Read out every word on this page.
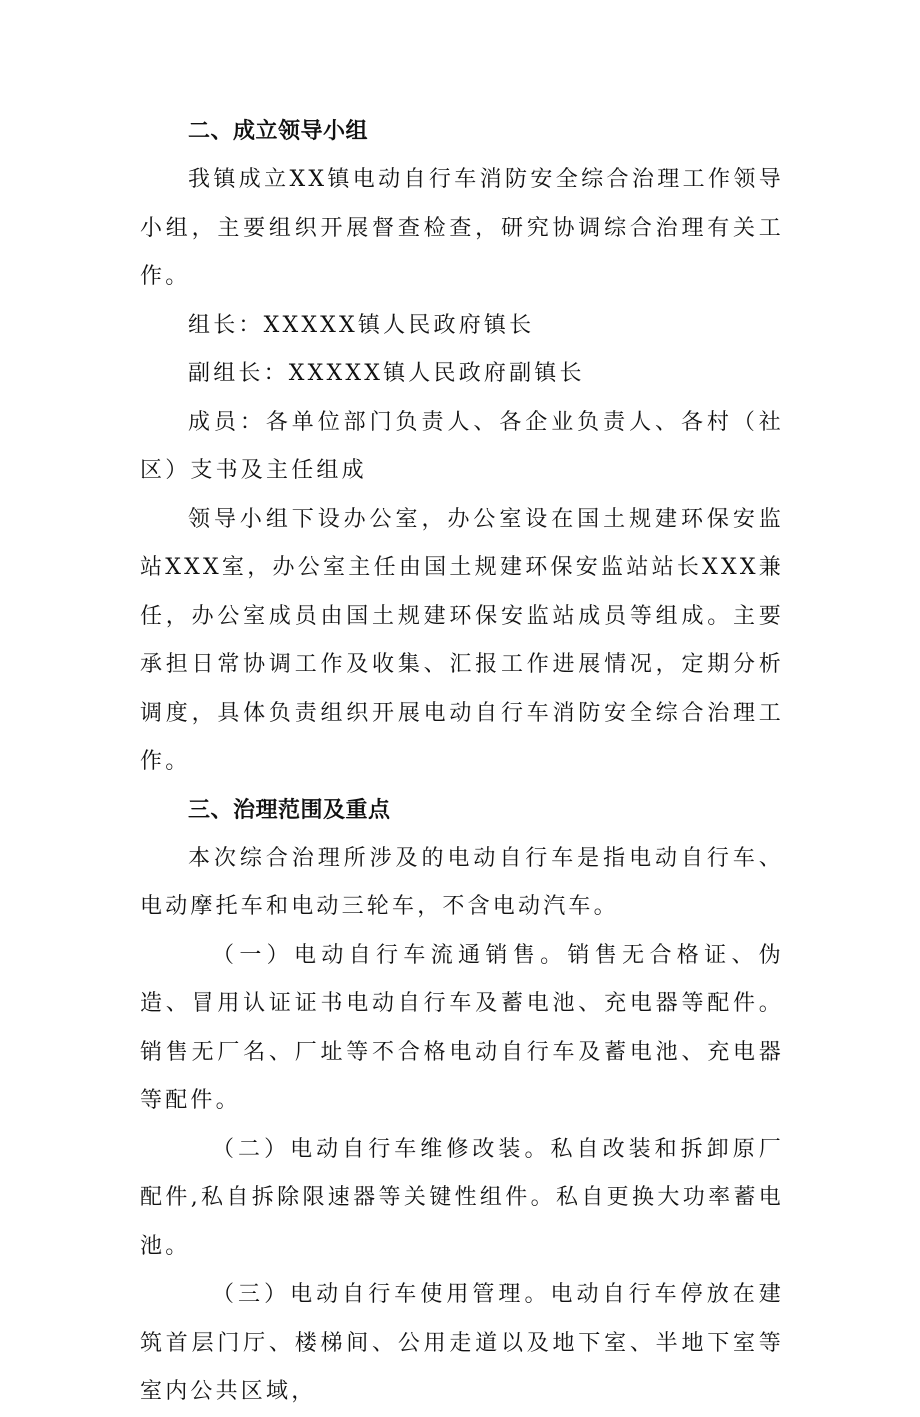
二、成立领导小组

我镇成立XX镇电动自行车消防安全综合治理工作领导小组，主要组织开展督查检查，研究协调综合治理有关工作。

组长：XXXXX镇人民政府镇长

副组长：XXXXX镇人民政府副镇长

成员：各单位部门负责人、各企业负责人、各村（社区）支书及主任组成

领导小组下设办公室，办公室设在国土规建环保安监站XXX室，办公室主任由国土规建环保安监站站长XXX兼任，办公室成员由国土规建环保安监站成员等组成。主要承担日常协调工作及收集、汇报工作进展情况，定期分析调度，具体负责组织开展电动自行车消防安全综合治理工作。

三、治理范围及重点

本次综合治理所涉及的电动自行车是指电动自行车、电动摩托车和电动三轮车，不含电动汽车。

（一）电动自行车流通销售。销售无合格证、伪造、冒用认证证书电动自行车及蓄电池、充电器等配件。销售无厂名、厂址等不合格电动自行车及蓄电池、充电器等配件。

（二）电动自行车维修改装。私自改装和拆卸原厂配件,私自拆除限速器等关键性组件。私自更换大功率蓄电池。

（三）电动自行车使用管理。电动自行车停放在建筑首层门厅、楼梯间、公用走道以及地下室、半地下室等室内公共区域，
